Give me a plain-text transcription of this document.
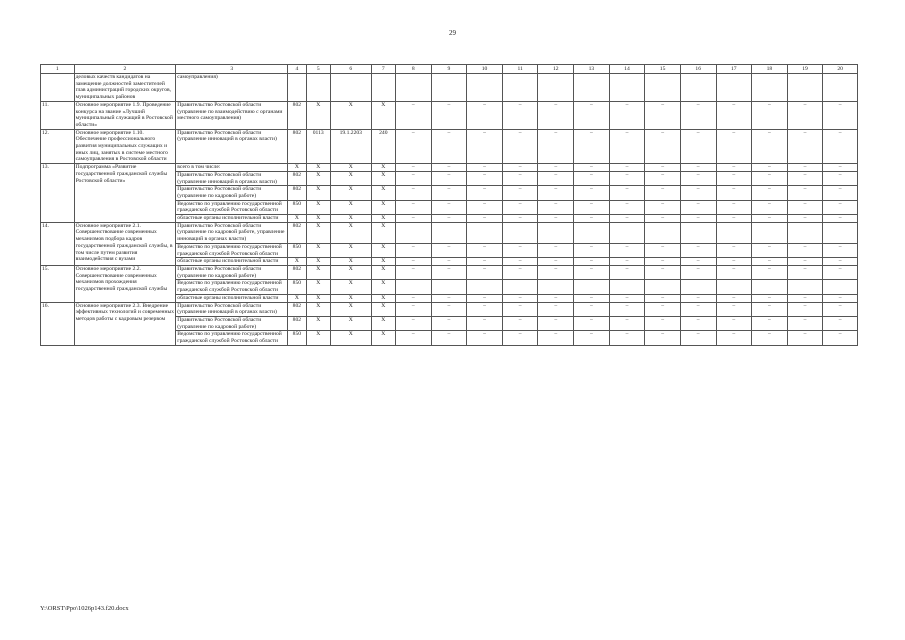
29
1	2	3	4	5	6	7	8	9	10	11	12	13	14	15	16	17	18	19	20
	деловых качеств кандидатов на замещение должностей заместителей глав администраций городских округов, муниципальных районов	самоуправления)																	
11.	Основное мероприятие 1.9. Проведение конкурса на звание «Лучший муниципальный служащий в Ростовской области»	Правительство Ростовской области (управление по взаимодействию с органами местного самоуправления)	802	Х	Х	Х	–	–	–	–	–	–	–	–	–	–	–	–	–
12.	Основное мероприятие 1.10. Обеспечение профессионального развития муниципальных служащих и иных лиц, занятых в системе местного самоуправления в Ростовской области	Правительство Ростовской области (управление инноваций в органах власти)	802	0113	19.1.2203	240	–	–	–	–	–	–	–	–	–	–	–	–	–
13.	Подпрограмма «Развитие государственной гражданской службы Ростовской области»	всего в том числе:	Х	Х	Х	Х	–	–	–	–	–	–	–	–	–	–	–	–	–
		Правительство Ростовской области (управление инноваций в органах власти)	802	Х	Х	Х	–	–	–	–	–	–	–	–	–	–	–	–	–
		Правительство Ростовской области (управление по кадровой работе)	802	Х	Х	Х	–	–	–	–	–	–	–	–	–	–	–	–	–
		Ведомство по управлению государственной гражданской службой Ростовской области	850	Х	Х	Х	–	–	–	–	–	–	–	–	–	–	–	–	–
		областные органы исполнительной власти	Х	Х	Х	Х	–	–	–	–	–	–	–	–	–	–	–	–	–
14.	Основное мероприятие 2.1. Совершенствование современных механизмов подбора кадров государственной гражданской службы, в том числе путем развития взаимодействия с вузами	Правительство Ростовской области (управление по кадровой работе, управление инноваций в органах власти)	802	Х	Х	Х													
		Ведомство по управлению государственной гражданской службой Ростовской области	850	Х	Х	Х	–	–	–	–	–	–	–	–	–	–	–	–	–
		областные органы исполнительной власти	Х	Х	Х	Х	–	–	–	–	–	–	–	–	–	–	–	–	–
15.	Основное мероприятие 2.2. Совершенствование современных механизмов прохождения государственной гражданской службы	Правительство Ростовской области (управление по кадровой работе)	802	Х	Х	Х	–	–	–	–	–	–	–	–	–	–	–	–	–
		Ведомство по управлению государственной гражданской службой Ростовской области	850	Х	Х	Х													
		областные органы исполнительной власти	Х	Х	Х	Х	–	–	–	–	–	–	–	–	–	–	–	–	–
16.	Основное мероприятие 2.3. Внедрение эффективных технологий и современных методов работы с кадровым резервом	Правительство Ростовской области (управление инноваций в органах власти)	802	Х	Х	Х	–	–	–	–	–	–	–	–	–	–	–	–	–
		Правительство Ростовской области (управление по кадровой работе)	802	Х	Х	Х	–	–	–	–	–	–	–	–	–	–	–	–	–
		Ведомство по управлению государственной гражданской службой Ростовской области	850	Х	Х	Х	–	–	–	–	–	–	–	–	–	–	–	–	–
Y:\ORST\Ppo\1026p143.f20.docx
